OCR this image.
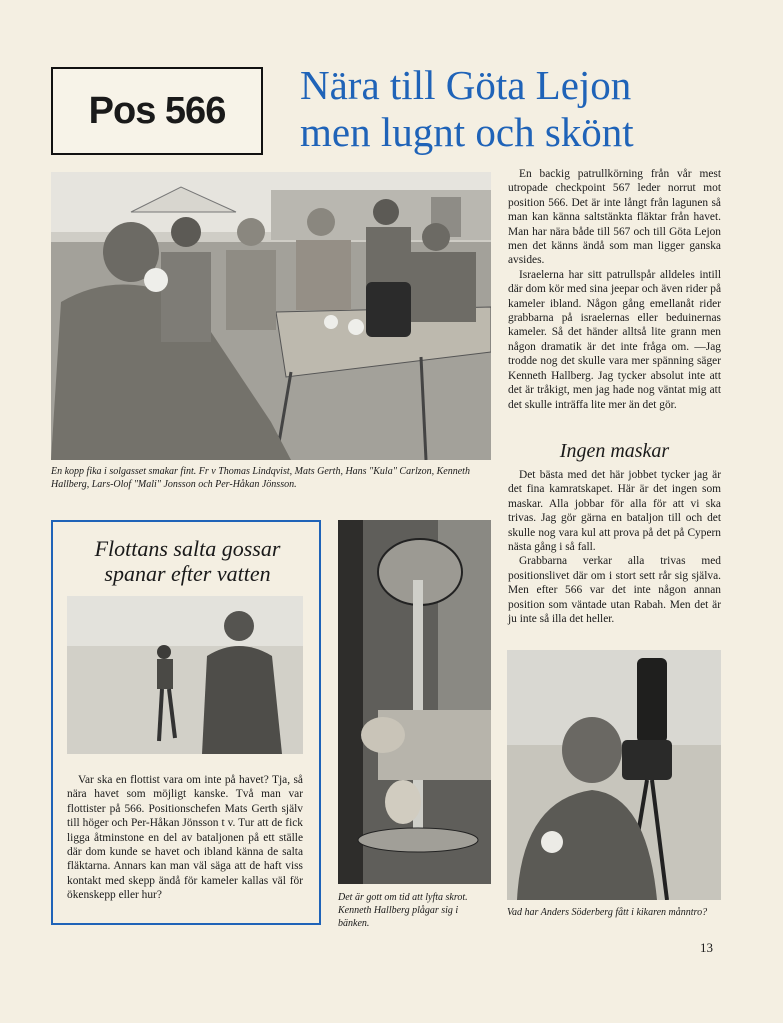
Pos 566
Nära till Göta Lejon
men lugnt och skönt
En kopp fika i solgasset smakar fint. Fr v Thomas Lindqvist, Mats Gerth, Hans "Kula" Carlzon, Kenneth Hallberg, Lars-Olof "Mali" Jonsson och Per-Håkan Jönsson.

En backig patrullkörning från vår mest utropade checkpoint 567 leder norrut mot position 566. Det är inte långt från lagunen så man kan känna saltstänkta fläktar från havet. Man har nära både till 567 och till Göta Lejon men det känns ändå som man ligger ganska avsides.

Israelerna har sitt patrullspår alldeles intill där dom kör med sina jeepar och även rider på kameler ibland. Någon gång emellanåt rider grabbarna på israelernas eller beduinernas kameler. Så det händer alltså lite grann men någon dramatik är det inte fråga om. —Jag trodde nog det skulle vara mer spänning säger Kenneth Hallberg. Jag tycker absolut inte att det är tråkigt, men jag hade nog väntat mig att det skulle inträffa lite mer än det gör.

Ingen maskar

Det bästa med det här jobbet tycker jag är det fina kamratskapet. Här är det ingen som maskar. Alla jobbar för alla för att vi ska trivas. Jag gör gärna en bataljon till och det skulle nog vara kul att prova på det på Cypern nästa gång i så fall.

Grabbarna verkar alla trivas med positionslivet där om i stort sett rår sig själva. Men efter 566 var det inte någon annan position som väntade utan Rabah. Men det är ju inte så illa det heller.

Flottans salta gossar
spanar efter vatten
Var ska en flottist vara om inte på havet? Tja, så nära havet som möjligt kanske. Två man var flottister på 566. Positionschefen Mats Gerth själv till höger och Per-Håkan Jönsson t v. Tur att de fick ligga åtminstone en del av bataljonen på ett ställe där dom kunde se havet och ibland känna de salta fläktarna. Annars kan man väl säga att de haft viss kontakt med skepp ändå för kameler kallas väl för ökenskepp eller hur?	Det är gott om tid att lyfta skrot. Kenneth Hallberg plågar sig i bänken.
Vad har Anders Söderberg fått i kikaren månntro?
13
